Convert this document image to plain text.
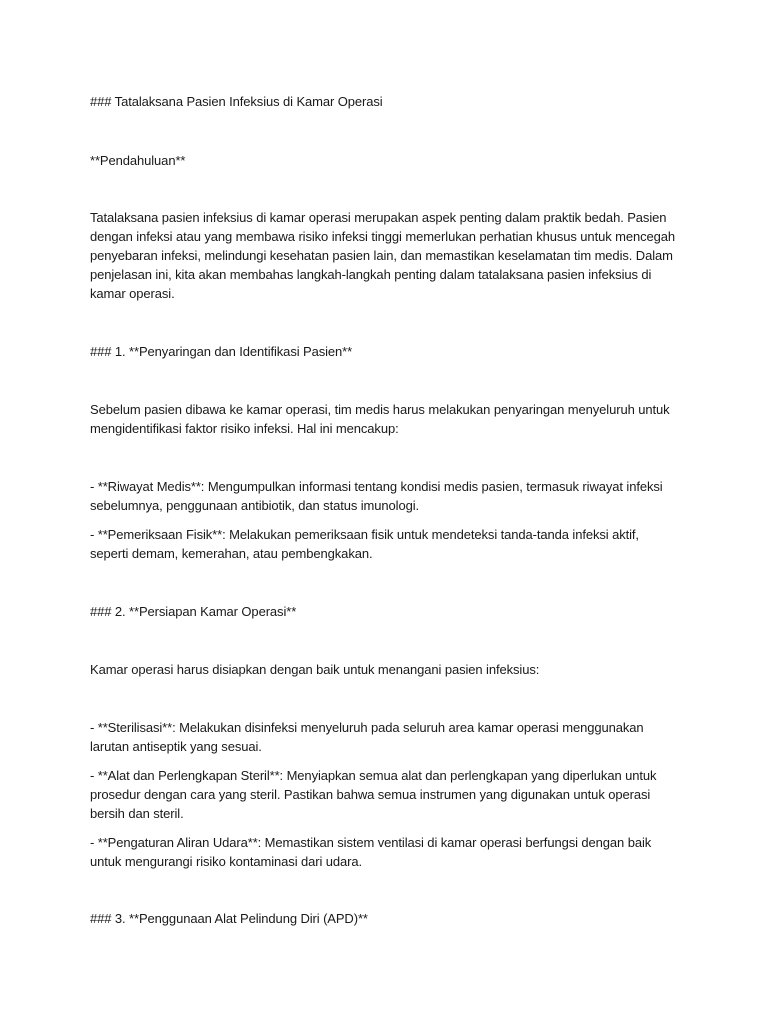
### Tatalaksana Pasien Infeksius di Kamar Operasi
**Pendahuluan**
Tatalaksana pasien infeksius di kamar operasi merupakan aspek penting dalam praktik bedah. Pasien dengan infeksi atau yang membawa risiko infeksi tinggi memerlukan perhatian khusus untuk mencegah penyebaran infeksi, melindungi kesehatan pasien lain, dan memastikan keselamatan tim medis. Dalam penjelasan ini, kita akan membahas langkah-langkah penting dalam tatalaksana pasien infeksius di kamar operasi.
### 1. **Penyaringan dan Identifikasi Pasien**
Sebelum pasien dibawa ke kamar operasi, tim medis harus melakukan penyaringan menyeluruh untuk mengidentifikasi faktor risiko infeksi. Hal ini mencakup:
- **Riwayat Medis**: Mengumpulkan informasi tentang kondisi medis pasien, termasuk riwayat infeksi sebelumnya, penggunaan antibiotik, dan status imunologi.
- **Pemeriksaan Fisik**: Melakukan pemeriksaan fisik untuk mendeteksi tanda-tanda infeksi aktif, seperti demam, kemerahan, atau pembengkakan.
### 2. **Persiapan Kamar Operasi**
Kamar operasi harus disiapkan dengan baik untuk menangani pasien infeksius:
- **Sterilisasi**: Melakukan disinfeksi menyeluruh pada seluruh area kamar operasi menggunakan larutan antiseptik yang sesuai.
- **Alat dan Perlengkapan Steril**: Menyiapkan semua alat dan perlengkapan yang diperlukan untuk prosedur dengan cara yang steril. Pastikan bahwa semua instrumen yang digunakan untuk operasi bersih dan steril.
- **Pengaturan Aliran Udara**: Memastikan sistem ventilasi di kamar operasi berfungsi dengan baik untuk mengurangi risiko kontaminasi dari udara.
### 3. **Penggunaan Alat Pelindung Diri (APD)**
